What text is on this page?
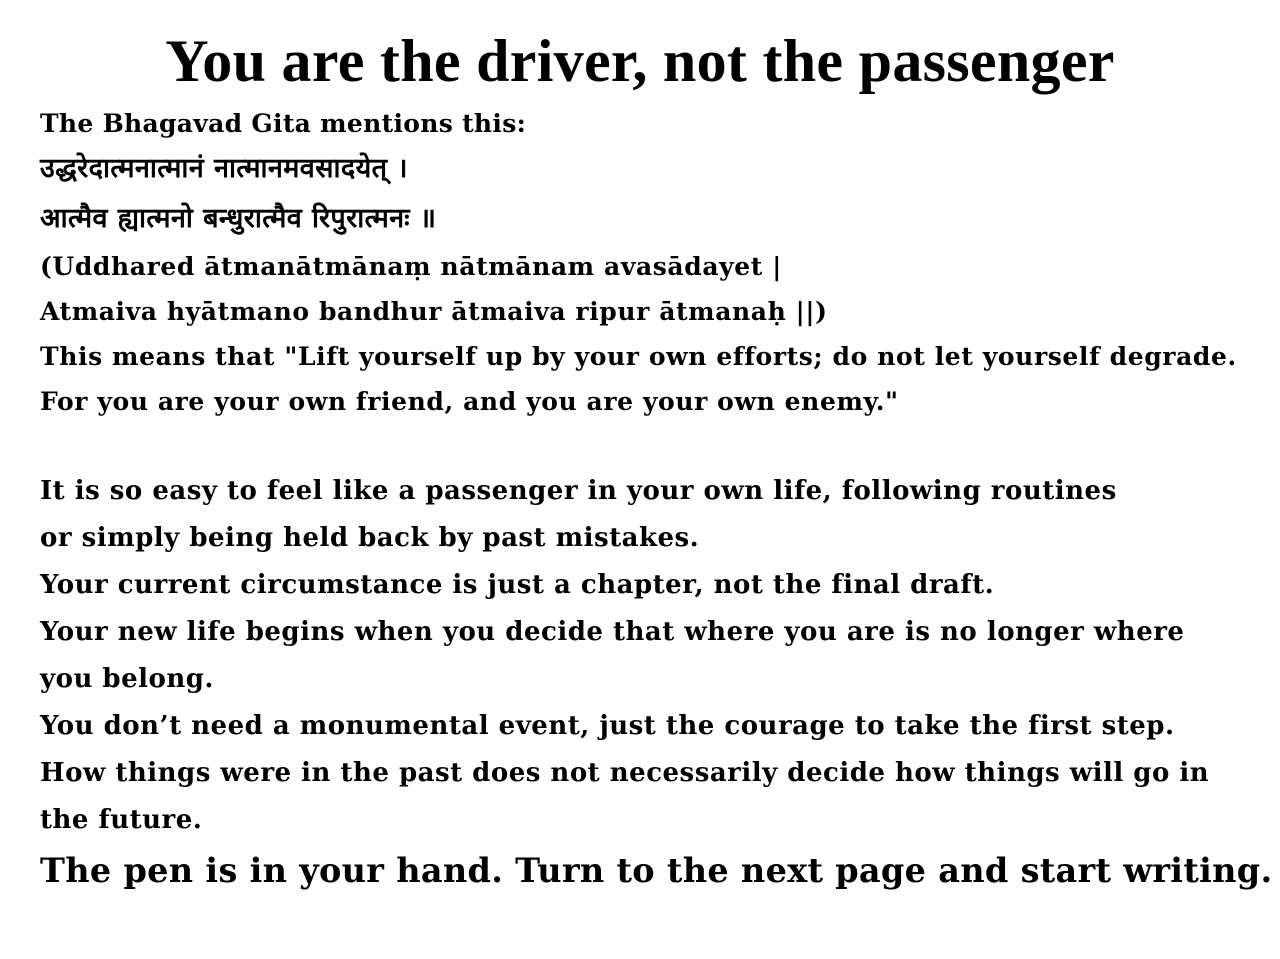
You are the driver, not the passenger
The Bhagavad Gita mentions this:
उद्धरेदात्मनात्मानं नात्मानमवसादयेत् ।
आत्मैव ह्यात्मनो बन्धुरात्मैव रिपुरात्मनः ॥
(Uddhared ātmanātmānaṃ nātmānam avasādayet |
Atmaiva hyātmano bandhur ātmaiva ripur ātmanaḥ ||)
This means that "Lift yourself up by your own efforts; do not let yourself degrade.
For you are your own friend, and you are your own enemy."
It is so easy to feel like a passenger in your own life, following routines
or simply being held back by past mistakes.
Your current circumstance is just a chapter, not the final draft.
Your new life begins when you decide that where you are is no longer where
you belong.
You don’t need a monumental event, just the courage to take the first step.
How things were in the past does not necessarily decide how things will go in
the future.
The pen is in your hand. Turn to the next page and start writing.
